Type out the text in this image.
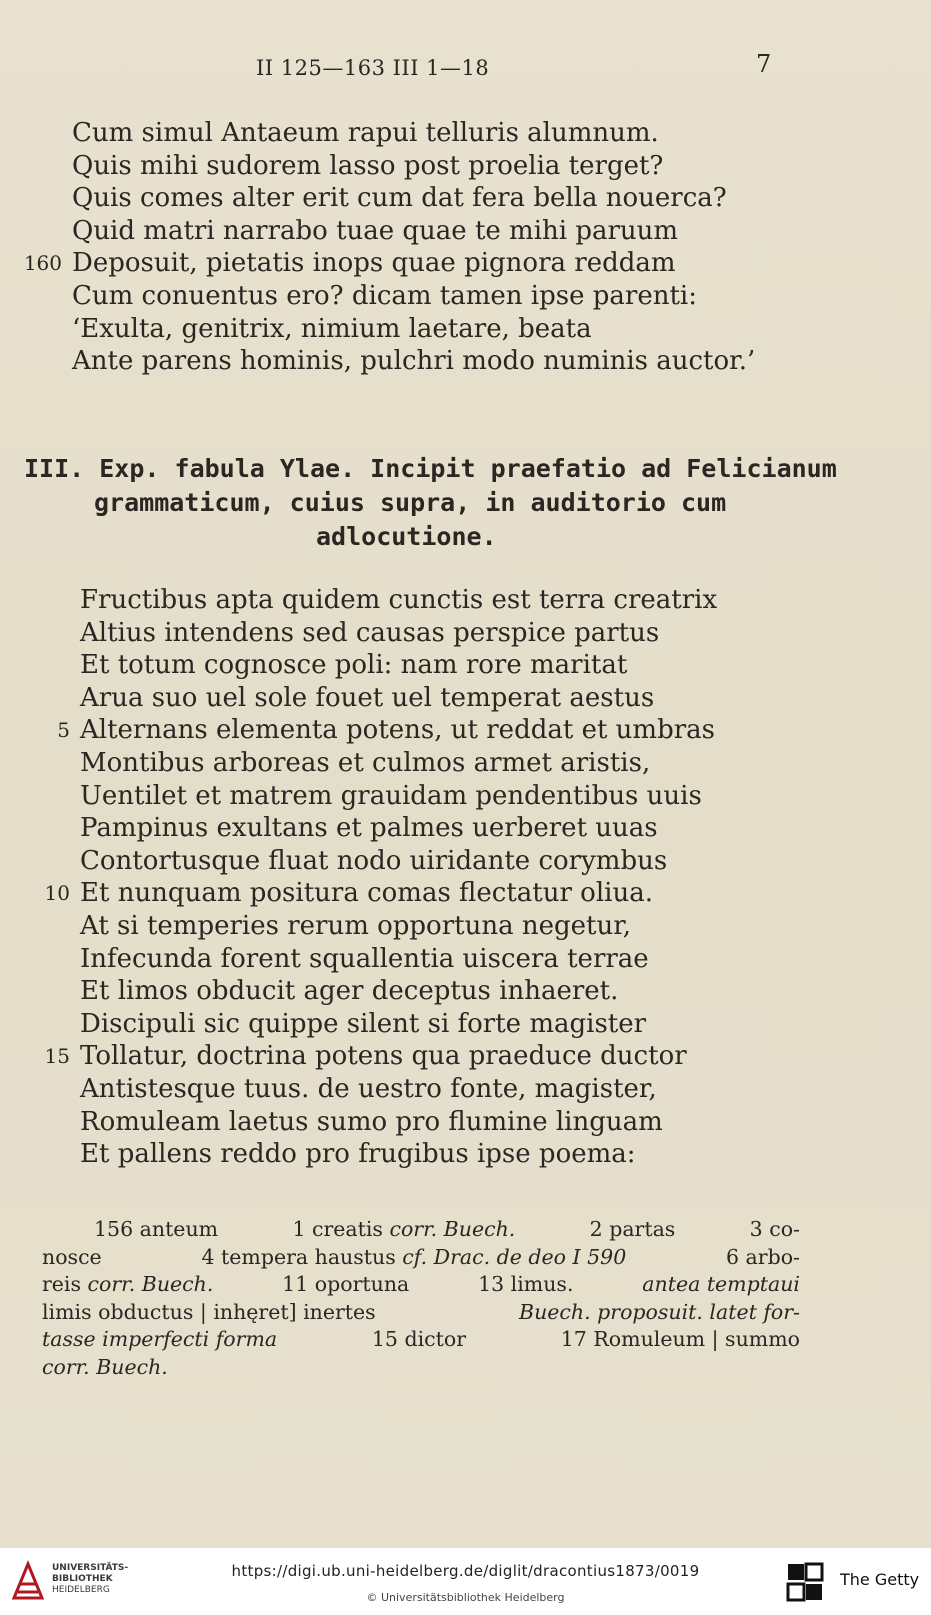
II 125—163 III 1—18	7
Cum simul Antaeum rapui telluris alumnum.
Quis mihi sudorem lasso post proelia terget?
Quis comes alter erit cum dat fera bella nouerca?
Quid matri narrabo tuae quae te mihi paruum
160 Deposuit, pietatis inops quae pignora reddam
Cum conuentus ero? dicam tamen ipse parenti:
‘Exulta, genitrix, nimium laetare, beata
Ante parens hominis, pulchri modo numinis auctor.’
III. Exp. fabula Ylae. Incipit praefatio ad Felicianum
grammaticum, cuius supra, in auditorio cum
adlocutione.
Fructibus apta quidem cunctis est terra creatrix
Altius intendens sed causas perspice partus
Et totum cognosce poli: nam rore maritat
Arua suo uel sole fouet uel temperat aestus
5 Alternans elementa potens, ut reddat et umbras
Montibus arboreas et culmos armet aristis,
Uentilet et matrem grauidam pendentibus uuis
Pampinus exultans et palmes uerberet uuas
Contortusque fluat nodo uiridante corymbus
10 Et nunquam positura comas flectatur oliua.
At si temperies rerum opportuna negetur,
Infecunda forent squallentia uiscera terrae
Et limos obducit ager deceptus inhaeret.
Discipuli sic quippe silent si forte magister
15 Tollatur, doctrina potens qua praeduce ductor
Antistesque tuus. de uestro fonte, magister,
Romuleam laetus sumo pro flumine linguam
Et pallens reddo pro frugibus ipse poema:
156 anteum	1 creatis corr. Buech.	2 partas	3 co-
nosce	4 tempera haustus cf. Drac. de deo I 590	6 arbo-
reis corr. Buech.	11 oportuna	13 limus.	antea temptaui
limis obductus | inhęret] inertes	Buech. proposuit. latet for-
tasse imperfecti forma	15 dictor	17 Romuleum | summo
corr. Buech.
UNIVERSITÄTS-
BIBLIOTHEK
HEIDELBERG
https://digi.ub.uni-heidelberg.de/diglit/dracontius1873/0019
© Universitätsbibliothek Heidelberg
The Getty
